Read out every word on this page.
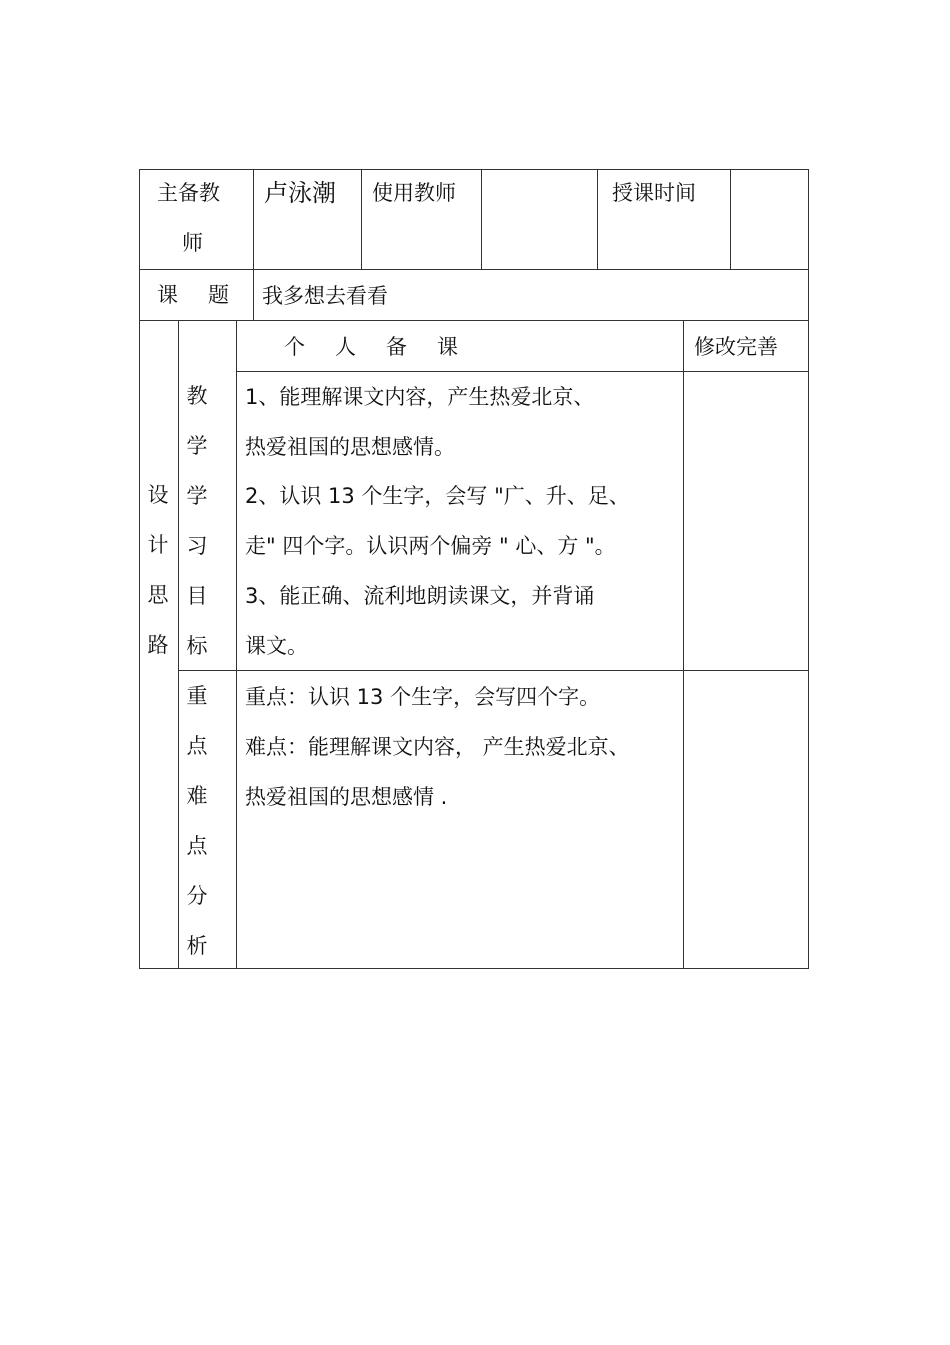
主备教
师
卢泳潮 使用教师	授课时间
课 题 我多想去看看
个 人 备 课	修改完善
设
计
思
路
教
学
学
习
目
标
1、能理解课文内容，产生热爱北京、
热爱祖国的思想感情。
2、认识 13 个生字，会写 "广、升、足、
走" 四个字。认识两个偏旁 " 心、方 "。
3、能正确、流利地朗读课文，并背诵
课文。
重
点
难
点
分
析
重点：认识 13 个生字，会写四个字。
难点：能理解课文内容， 产生热爱北京、
热爱祖国的思想感情 .
